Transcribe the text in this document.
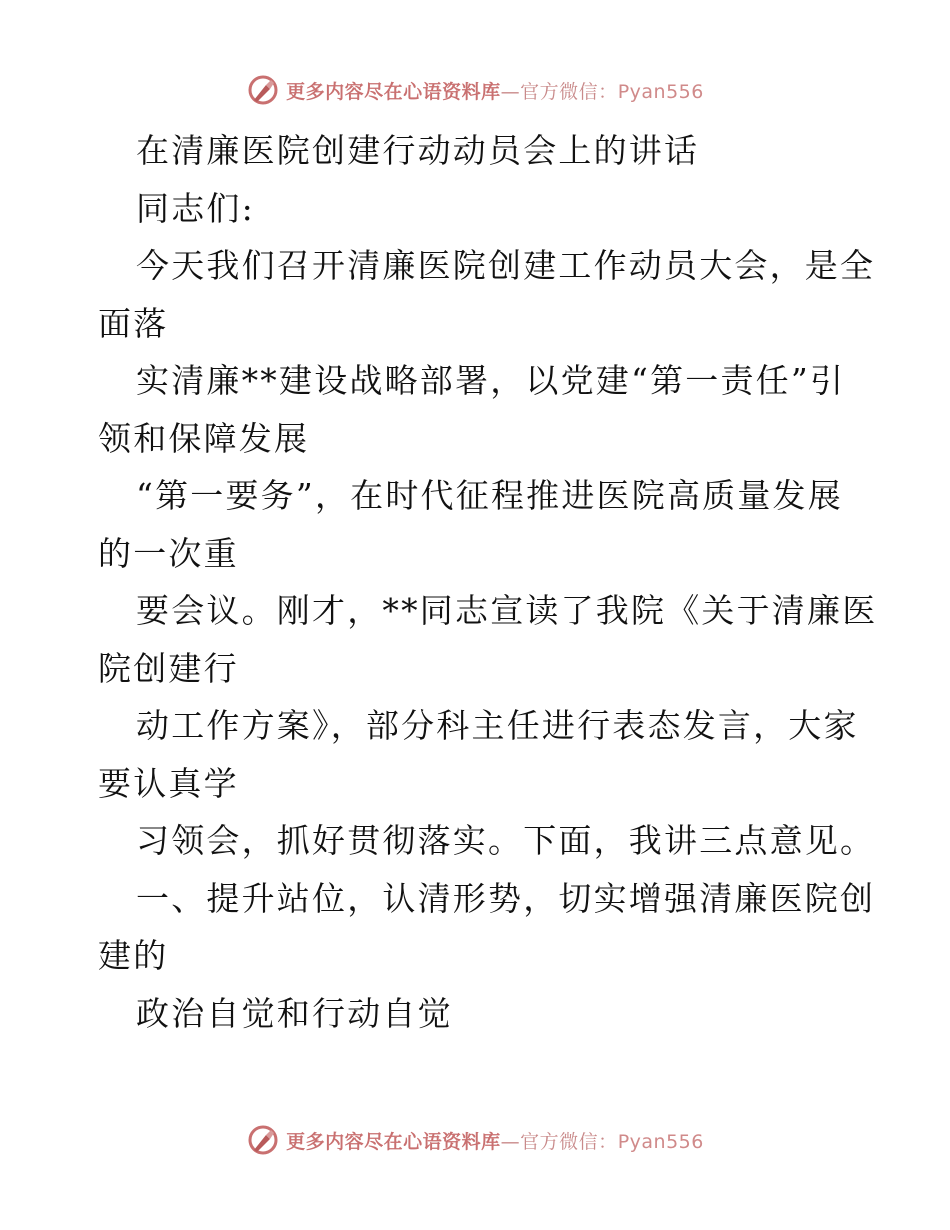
更多内容尽在心语资料库—官方微信：Pyan556
在清廉医院创建行动动员会上的讲话
同志们:
今天我们召开清廉医院创建工作动员大会，是全
面落
实清廉**建设战略部署，以党建“第一责任”引
领和保障发展
“第一要务”，在时代征程推进医院高质量发展
的一次重
要会议。刚才，**同志宣读了我院《关于清廉医
院创建行
动工作方案》，部分科主任进行表态发言，大家
要认真学
习领会，抓好贯彻落实。下面，我讲三点意见。
一、提升站位，认清形势，切实增强清廉医院创
建的
政治自觉和行动自觉
更多内容尽在心语资料库—官方微信：Pyan556
